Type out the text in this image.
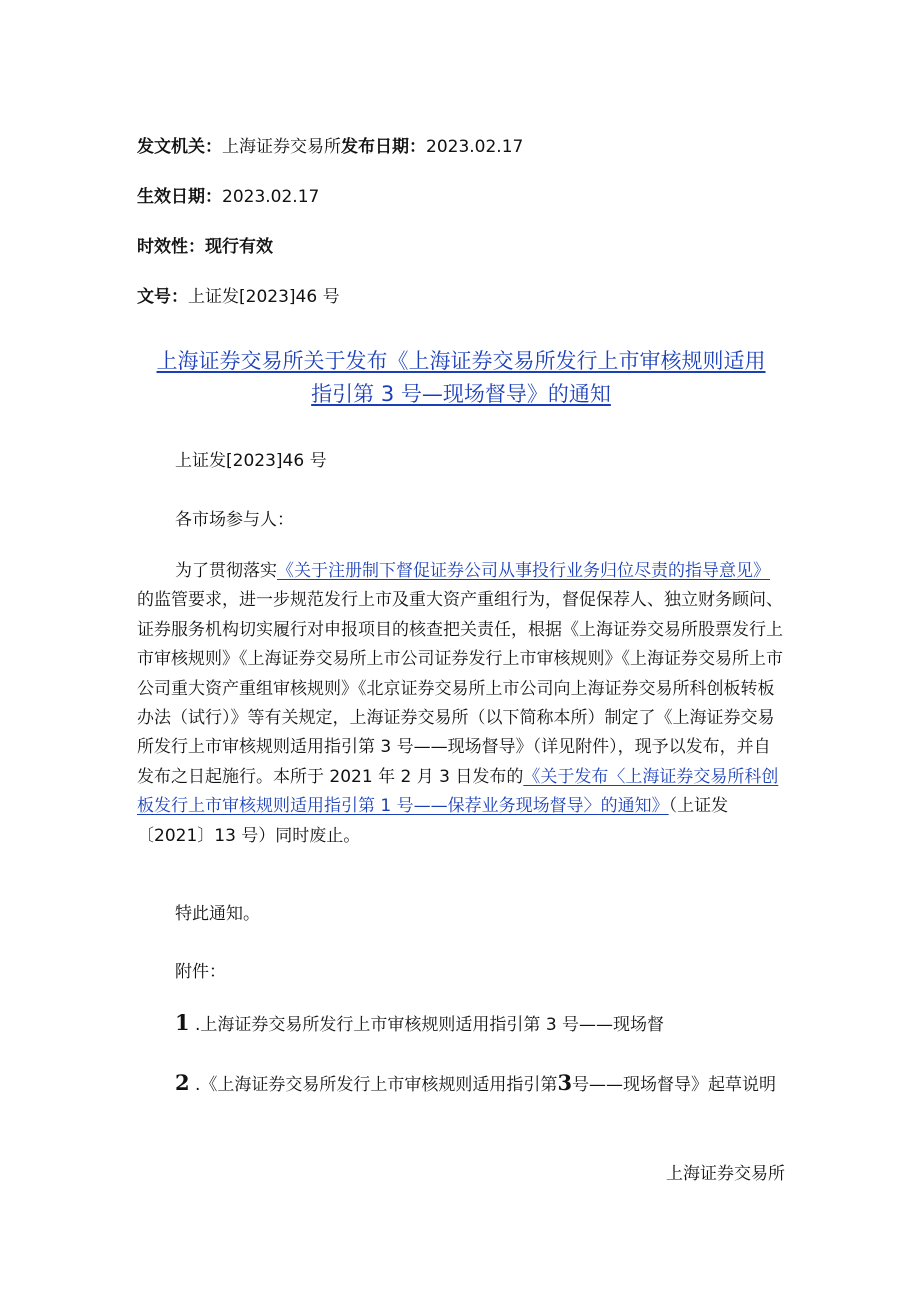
发文机关：上海证券交易所发布日期：2023.02.17
生效日期：2023.02.17
时效性：现行有效
文号：上证发[2023]46 号
上海证券交易所关于发布《上海证券交易所发行上市审核规则适用
指引第 3 号—现场督导》的通知
上证发[2023]46 号
各市场参与人：
为了贯彻落实《关于注册制下督促证券公司从事投行业务归位尽责的指导意见》的监管要求，进一步规范发行上市及重大资产重组行为，督促保荐人、独立财务顾问、证券服务机构切实履行对申报项目的核查把关责任，根据《上海证券交易所股票发行上市审核规则》《上海证券交易所上市公司证券发行上市审核规则》《上海证券交易所上市公司重大资产重组审核规则》《北京证券交易所上市公司向上海证券交易所科创板转板办法（试行）》等有关规定，上海证券交易所（以下简称本所）制定了《上海证券交易所发行上市审核规则适用指引第 3 号——现场督导》（详见附件），现予以发布，并自发布之日起施行。本所于 2021 年 2 月 3 日发布的《关于发布〈上海证券交易所科创板发行上市审核规则适用指引第 1 号——保荐业务现场督导〉的通知》（上证发〔2021〕13 号）同时废止。
特此通知。
附件：
1 .上海证券交易所发行上市审核规则适用指引第 3 号——现场督
2 .《上海证券交易所发行上市审核规则适用指引第3号——现场督导》起草说明
上海证券交易所
